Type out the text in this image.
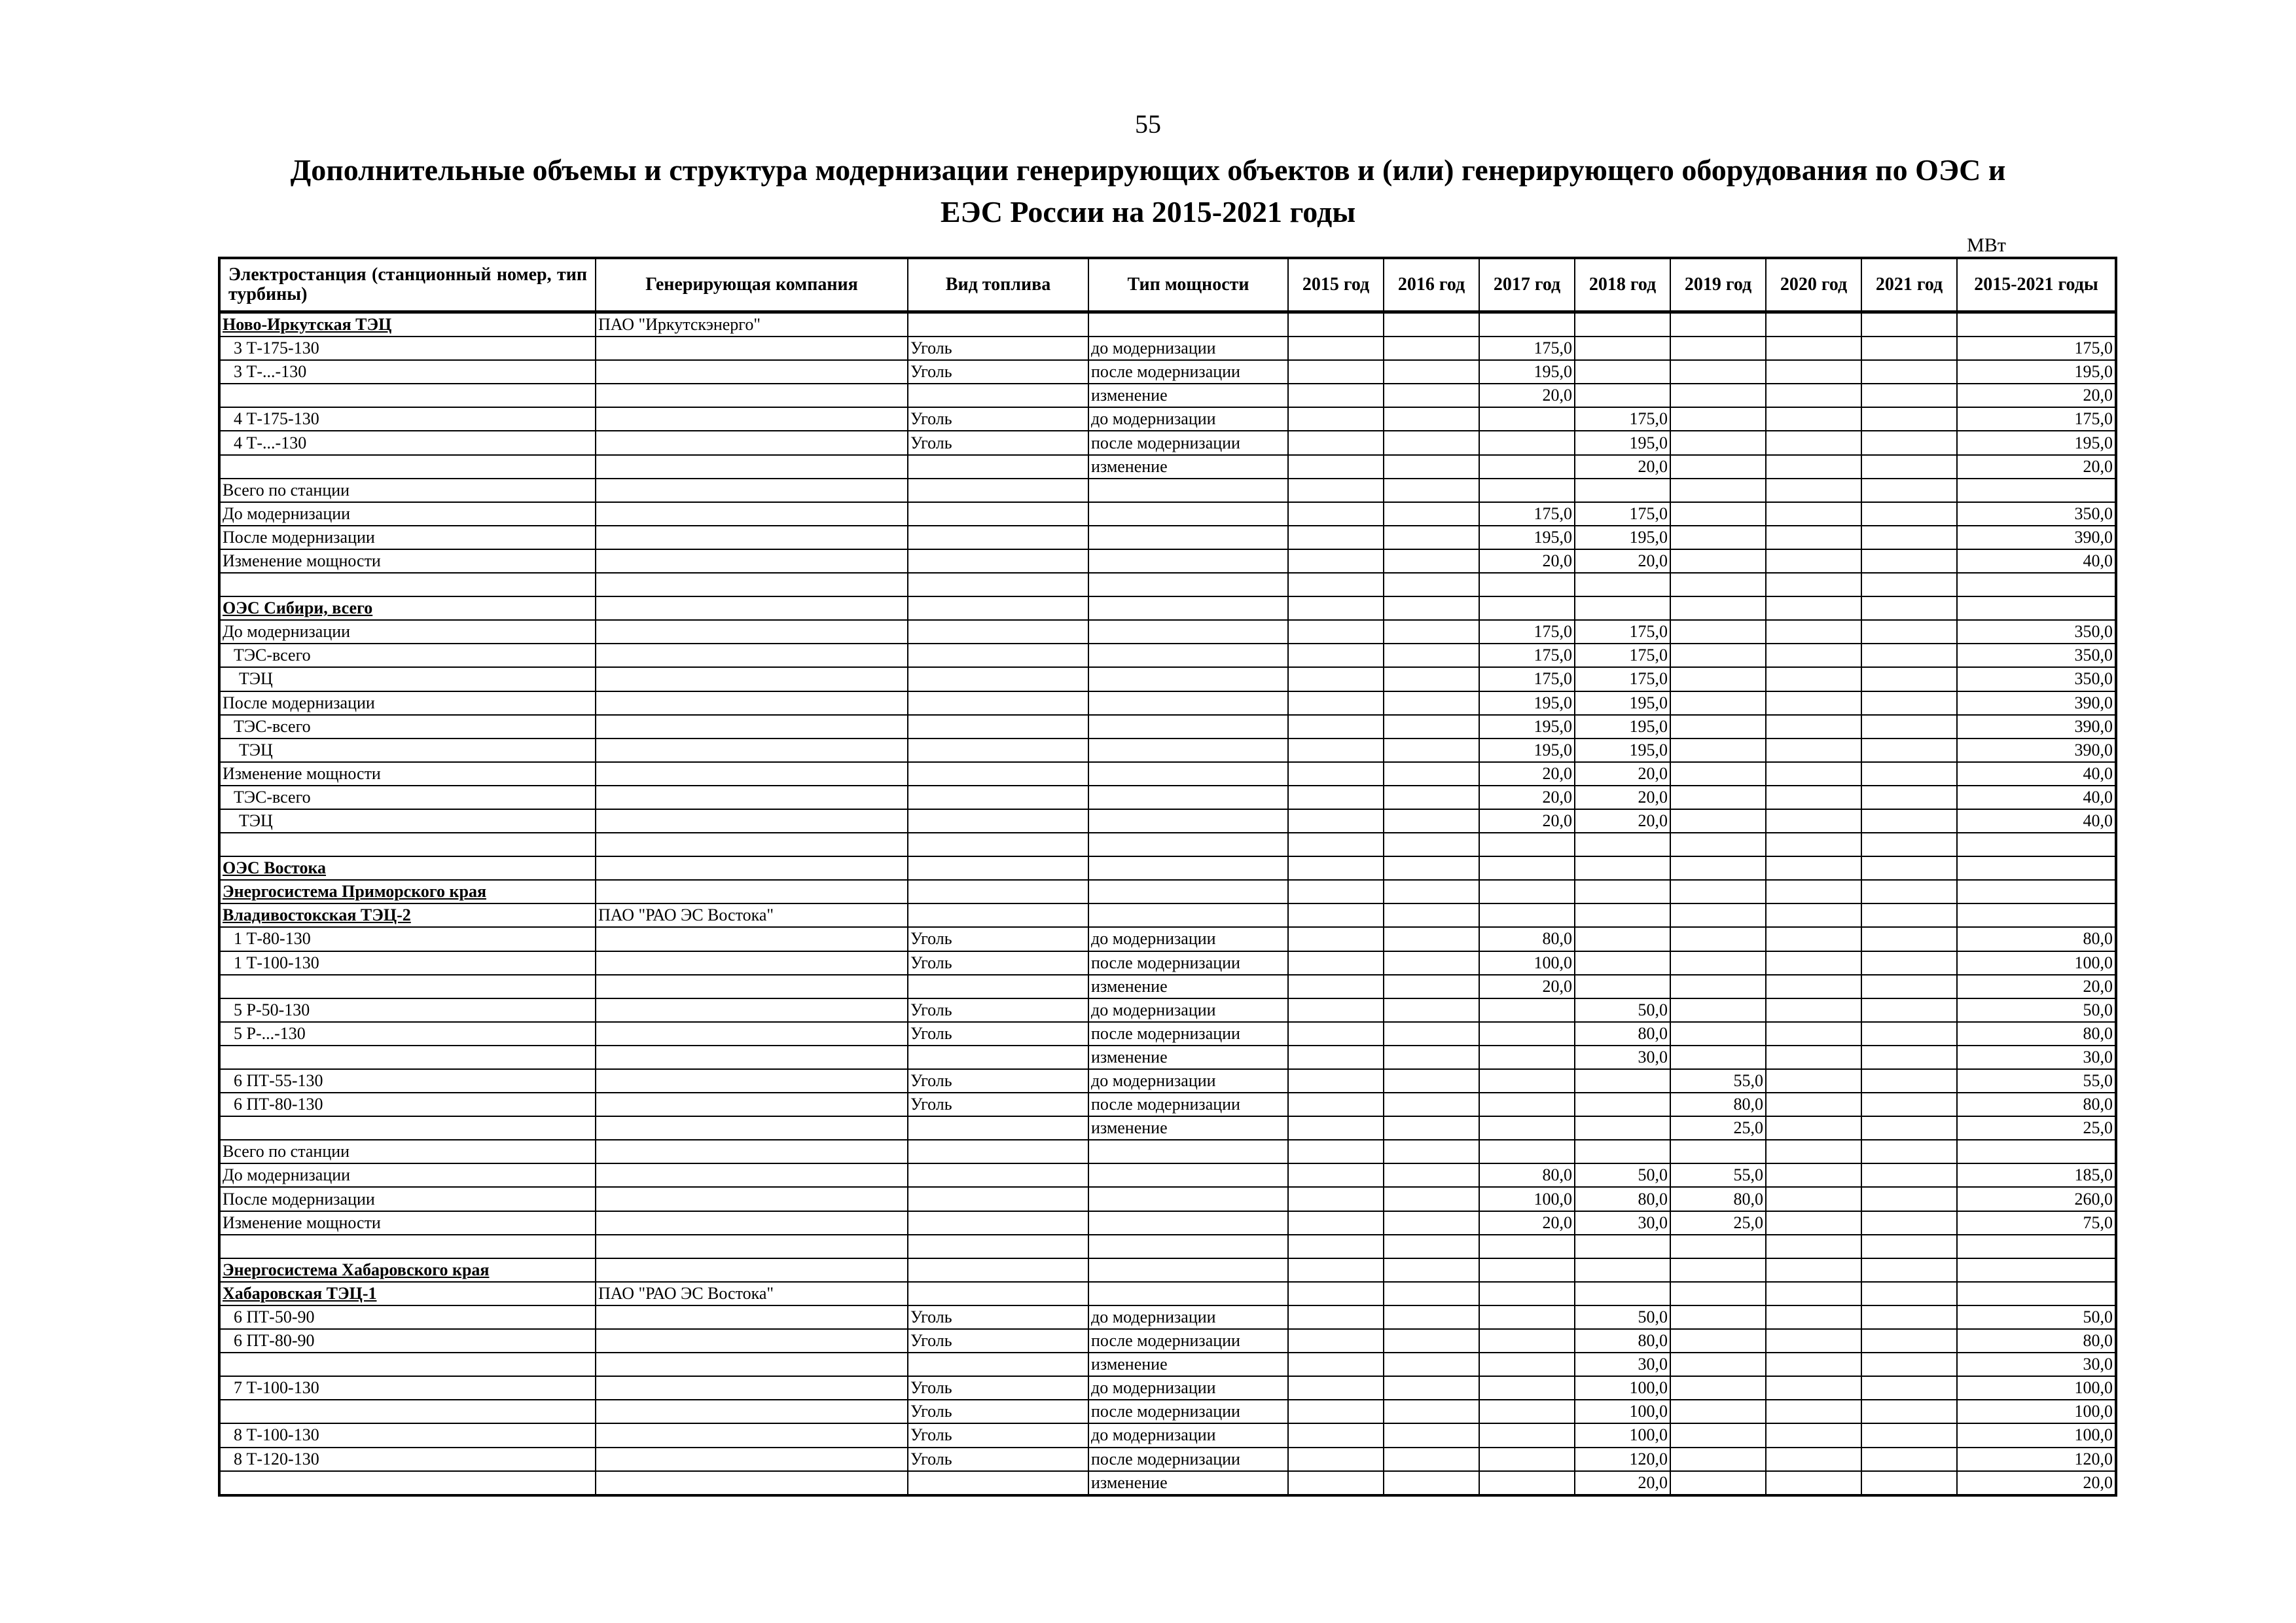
55
Дополнительные объемы и структура модернизации генерирующих объектов и (или) генерирующего оборудования по ОЭС и
ЕЭС России на 2015-2021 годы
МВт
Электростанция (станционный номер, тип турбины)	Генерирующая компания	Вид топлива	Тип мощности	2015 год	2016 год	2017 год	2018 год	2019 год	2020 год	2021 год	2015-2021 годы
Ново-Иркутская ТЭЦ	ПАО "Иркутскэнерго"										
3 Т-175-130		Уголь	до модернизации			175,0					175,0
3 Т-...-130		Уголь	после модернизации			195,0					195,0
			изменение			20,0					20,0
4 Т-175-130		Уголь	до модернизации				175,0				175,0
4 Т-...-130		Уголь	после модернизации				195,0				195,0
			изменение				20,0				20,0
Всего по станции											
До модернизации						175,0	175,0				350,0
После модернизации						195,0	195,0				390,0
Изменение мощности						20,0	20,0				40,0

ОЭС Сибири, всего											
До модернизации						175,0	175,0				350,0
ТЭС-всего						175,0	175,0				350,0
ТЭЦ						175,0	175,0				350,0
После модернизации						195,0	195,0				390,0
ТЭС-всего						195,0	195,0				390,0
ТЭЦ						195,0	195,0				390,0
Изменение мощности						20,0	20,0				40,0
ТЭС-всего						20,0	20,0				40,0
ТЭЦ						20,0	20,0				40,0

ОЭС Востока											
Энергосистема Приморского края											
Владивостокская ТЭЦ-2	ПАО "РАО ЭС Востока"										
1 Т-80-130		Уголь	до модернизации			80,0					80,0
1 Т-100-130		Уголь	после модернизации			100,0					100,0
			изменение			20,0					20,0
5 Р-50-130		Уголь	до модернизации				50,0				50,0
5 Р-...-130		Уголь	после модернизации				80,0				80,0
			изменение				30,0				30,0
6 ПТ-55-130		Уголь	до модернизации					55,0			55,0
6 ПТ-80-130		Уголь	после модернизации					80,0			80,0
			изменение					25,0			25,0
Всего по станции											
До модернизации						80,0	50,0	55,0			185,0
После модернизации						100,0	80,0	80,0			260,0
Изменение мощности						20,0	30,0	25,0			75,0

Энергосистема Хабаровского края											
Хабаровская ТЭЦ-1	ПАО "РАО ЭС Востока"										
6 ПТ-50-90		Уголь	до модернизации				50,0				50,0
6 ПТ-80-90		Уголь	после модернизации				80,0				80,0
			изменение				30,0				30,0
7 Т-100-130		Уголь	до модернизации				100,0				100,0
		Уголь	после модернизации				100,0				100,0
8 Т-100-130		Уголь	до модернизации				100,0				100,0
8 Т-120-130		Уголь	после модернизации				120,0				120,0
			изменение				20,0				20,0
